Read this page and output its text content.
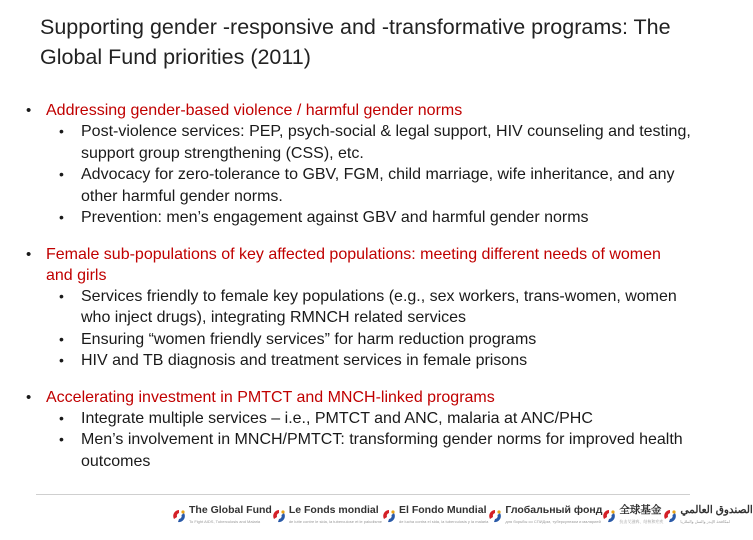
Supporting gender -responsive and -transformative programs: The Global Fund priorities (2011)
• Addressing gender-based violence / harmful gender norms
• Post-violence services: PEP, psych-social & legal support, HIV counseling and testing, support group strengthening (CSS), etc.
• Advocacy for zero-tolerance to GBV, FGM, child marriage, wife inheritance, and any other harmful gender norms.
• Prevention: men’s engagement against GBV and harmful gender norms
• Female sub-populations of key affected populations: meeting different needs of women and girls
• Services friendly to female key populations (e.g., sex workers, trans-women, women who inject drugs), integrating RMNCH related services
• Ensuring “women friendly services” for harm reduction programs
• HIV and TB diagnosis and treatment services in female prisons
• Accelerating investment in PMTCT and MNCH-linked programs
• Integrate multiple services – i.e., PMTCT and ANC, malaria at ANC/PHC
• Men’s involvement in MNCH/PMTCT: transforming gender norms for improved health outcomes
The Global Fund
To Fight AIDS, Tuberculosis and Malaria
Le Fonds mondial
de lutte contre le sida, la tuberculose et le paludisme
El Fondo Mundial
de lucha contra el sida, la tuberculosis y la malaria
Глобальный фонд
для борьбы со СПИДом, туберкулезом и малярией
全球基金
抗击艾滋病、结核和疟疾
الصندوق العالمي
لمكافحة الإيدز والسل والملاريا
